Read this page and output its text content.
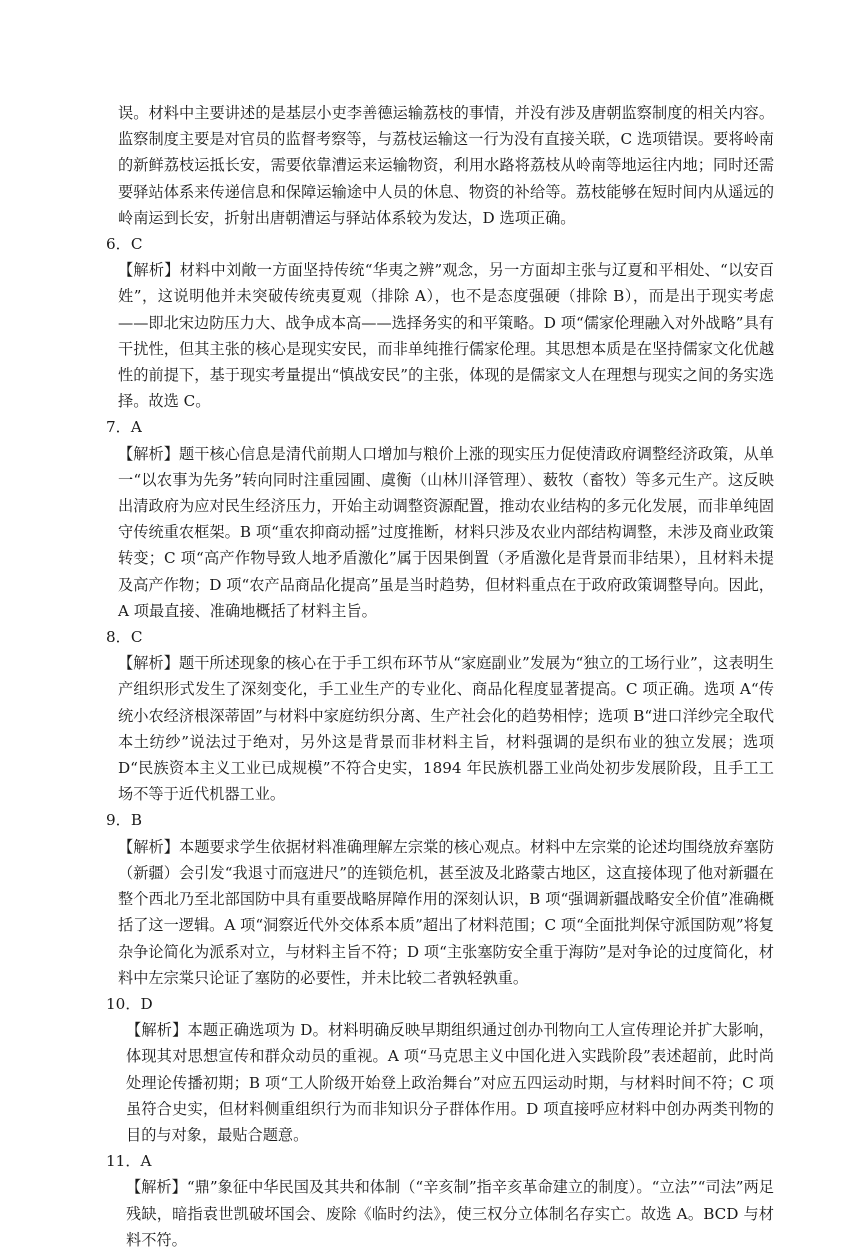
误。材料中主要讲述的是基层小吏李善德运输荔枝的事情，并没有涉及唐朝监察制度的相关内容。监察制度主要是对官员的监督考察等，与荔枝运输这一行为没有直接关联，C 选项错误。要将岭南的新鲜荔枝运抵长安，需要依靠漕运来运输物资，利用水路将荔枝从岭南等地运往内地；同时还需要驿站体系来传递信息和保障运输途中人员的休息、物资的补给等。荔枝能够在短时间内从遥远的岭南运到长安，折射出唐朝漕运与驿站体系较为发达，D 选项正确。

6．C

【解析】材料中刘敞一方面坚持传统“华夷之辨”观念，另一方面却主张与辽夏和平相处、“以安百姓”，这说明他并未突破传统夷夏观（排除 A），也不是态度强硬（排除 B），而是出于现实考虑——即北宋边防压力大、战争成本高——选择务实的和平策略。D 项“儒家伦理融入对外战略”具有干扰性，但其主张的核心是现实安民，而非单纯推行儒家伦理。其思想本质是在坚持儒家文化优越性的前提下，基于现实考量提出“慎战安民”的主张，体现的是儒家文人在理想与现实之间的务实选择。故选 C。

7．A

【解析】题干核心信息是清代前期人口增加与粮价上涨的现实压力促使清政府调整经济政策，从单一“以农事为先务”转向同时注重园圃、虞衡（山林川泽管理）、薮牧（畜牧）等多元生产。这反映出清政府为应对民生经济压力，开始主动调整资源配置，推动农业结构的多元化发展，而非单纯固守传统重农框架。B 项“重农抑商动摇”过度推断，材料只涉及农业内部结构调整，未涉及商业政策转变；C 项“高产作物导致人地矛盾激化”属于因果倒置（矛盾激化是背景而非结果），且材料未提及高产作物；D 项“农产品商品化提高”虽是当时趋势，但材料重点在于政府政策调整导向。因此，A 项最直接、准确地概括了材料主旨。

8．C

【解析】题干所述现象的核心在于手工织布环节从“家庭副业”发展为“独立的工场行业”，这表明生产组织形式发生了深刻变化，手工业生产的专业化、商品化程度显著提高。C 项正确。选项 A“传统小农经济根深蒂固”与材料中家庭纺织分离、生产社会化的趋势相悖；选项 B“进口洋纱完全取代本土纺纱”说法过于绝对，另外这是背景而非材料主旨，材料强调的是织布业的独立发展；选项 D“民族资本主义工业已成规模”不符合史实，1894 年民族机器工业尚处初步发展阶段，且手工工场不等于近代机器工业。

9．B

【解析】本题要求学生依据材料准确理解左宗棠的核心观点。材料中左宗棠的论述均围绕放弃塞防（新疆）会引发“我退寸而寇进尺”的连锁危机，甚至波及北路蒙古地区，这直接体现了他对新疆在整个西北乃至北部国防中具有重要战略屏障作用的深刻认识，B 项“强调新疆战略安全价值”准确概括了这一逻辑。A 项“洞察近代外交体系本质”超出了材料范围；C 项“全面批判保守派国防观”将复杂争论简化为派系对立，与材料主旨不符；D 项“主张塞防安全重于海防”是对争论的过度简化，材料中左宗棠只论证了塞防的必要性，并未比较二者孰轻孰重。

10．D

【解析】本题正确选项为 D。材料明确反映早期组织通过创办刊物向工人宣传理论并扩大影响，体现其对思想宣传和群众动员的重视。A 项“马克思主义中国化进入实践阶段”表述超前，此时尚处理论传播初期；B 项“工人阶级开始登上政治舞台”对应五四运动时期，与材料时间不符；C 项虽符合史实，但材料侧重组织行为而非知识分子群体作用。D 项直接呼应材料中创办两类刊物的目的与对象，最贴合题意。

11．A

【解析】“鼎”象征中华民国及其共和体制（“辛亥制”指辛亥革命建立的制度）。“立法”“司法”两足残缺，暗指袁世凯破坏国会、废除《临时约法》，使三权分立体制名存实亡。故选 A。BCD 与材料不符。
